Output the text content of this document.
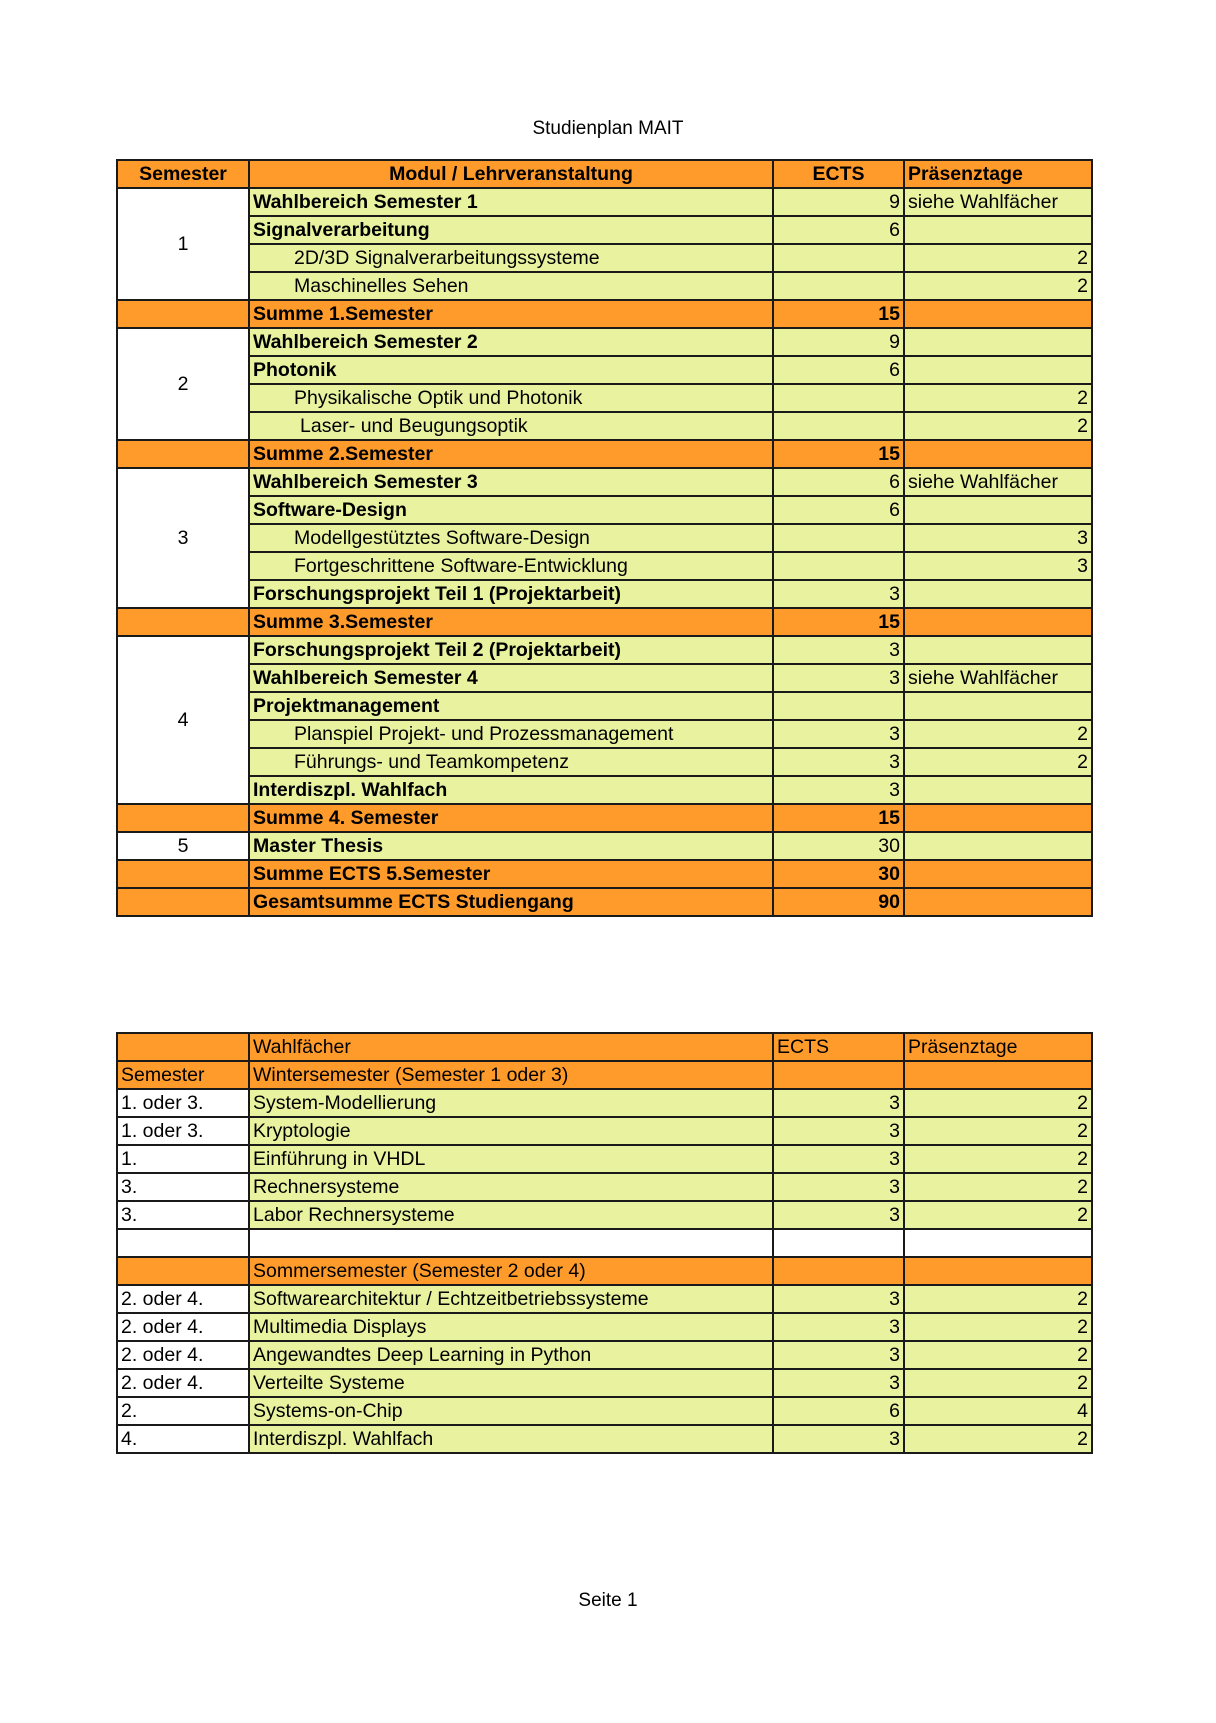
Studienplan MAIT
Semester	Modul / Lehrveranstaltung	ECTS	Präsenztage
1	Wahlbereich Semester 1	9	siehe Wahlfächer
	Signalverarbeitung	6	
	2D/3D Signalverarbeitungssysteme		2
	Maschinelles Sehen		2
	Summe 1.Semester	15	
2	Wahlbereich Semester 2	9	
	Photonik	6	
	Physikalische Optik und Photonik		2
	Laser- und Beugungsoptik		2
	Summe 2.Semester	15	
3	Wahlbereich Semester 3	6	siehe Wahlfächer
	Software-Design	6	
	Modellgestütztes Software-Design		3
	Fortgeschrittene Software-Entwicklung		3
	Forschungsprojekt Teil 1 (Projektarbeit)	3	
	Summe 3.Semester	15	
4	Forschungsprojekt Teil 2 (Projektarbeit)	3	
	Wahlbereich Semester 4	3	siehe Wahlfächer
	Projektmanagement		
	Planspiel Projekt- und Prozessmanagement	3	2
	Führungs- und Teamkompetenz	3	2
	Interdiszpl. Wahlfach	3	
	Summe 4. Semester	15	
5	Master Thesis	30	
	Summe ECTS 5.Semester	30	
	Gesamtsumme ECTS Studiengang	90	
	Wahlfächer	ECTS	Präsenztage
Semester	Wintersemester (Semester 1 oder 3)		
1. oder 3.	System-Modellierung	3	2
1. oder 3.	Kryptologie	3	2
1.	Einführung in VHDL	3	2
3.	Rechnersysteme	3	2
3.	Labor Rechnersysteme	3	2

	Sommersemester (Semester 2 oder 4)		
2. oder 4.	Softwarearchitektur / Echtzeitbetriebssysteme	3	2
2. oder 4.	Multimedia Displays	3	2
2. oder 4.	Angewandtes Deep Learning in Python	3	2
2. oder 4.	Verteilte Systeme	3	2
2.	Systems-on-Chip	6	4
4.	Interdiszpl. Wahlfach	3	2
Seite 1
